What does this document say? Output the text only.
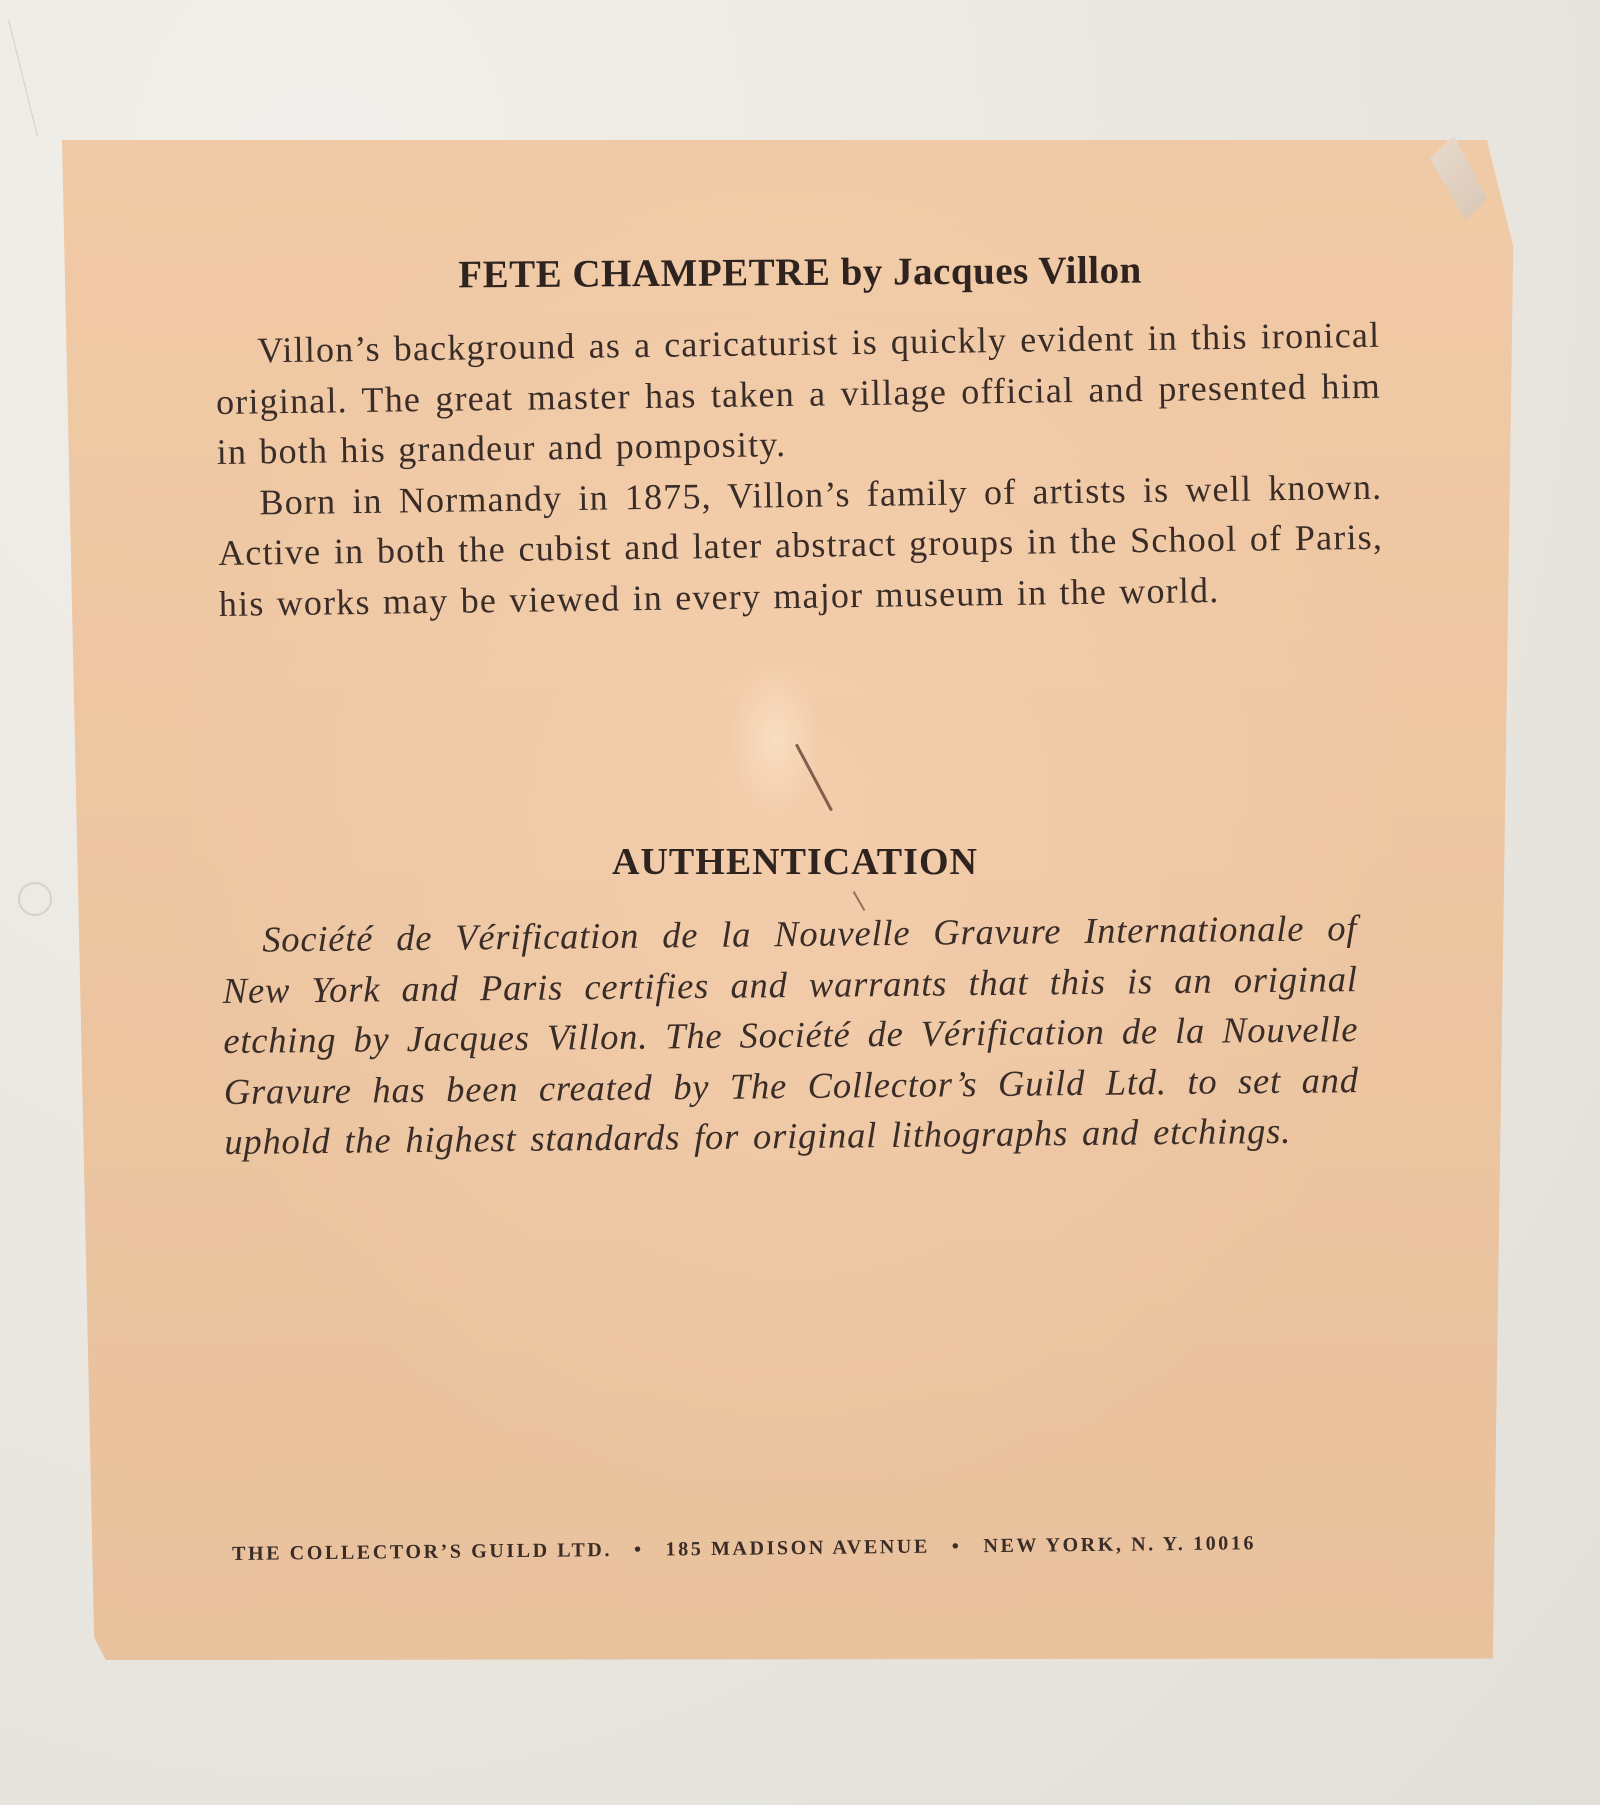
FETE CHAMPETRE by Jacques Villon

Villon’s background as a caricaturist is quickly evident in this ironical original. The great master has taken a village official and presented him in both his grandeur and pomposity.

Born in Normandy in 1875, Villon’s family of artists is well known. Active in both the cubist and later abstract groups in the School of Paris, his works may be viewed in every major museum in the world.

AUTHENTICATION

Société de Vérification de la Nouvelle Gravure Internationale of New York and Paris certifies and warrants that this is an original etching by Jacques Villon. The Société de Vérification de la Nouvelle Gravure has been created by The Collector’s Guild Ltd. to set and uphold the highest standards for original lithographs and etchings.

THE COLLECTOR’S GUILD LTD. • 185 MADISON AVENUE • NEW YORK, N. Y. 10016
